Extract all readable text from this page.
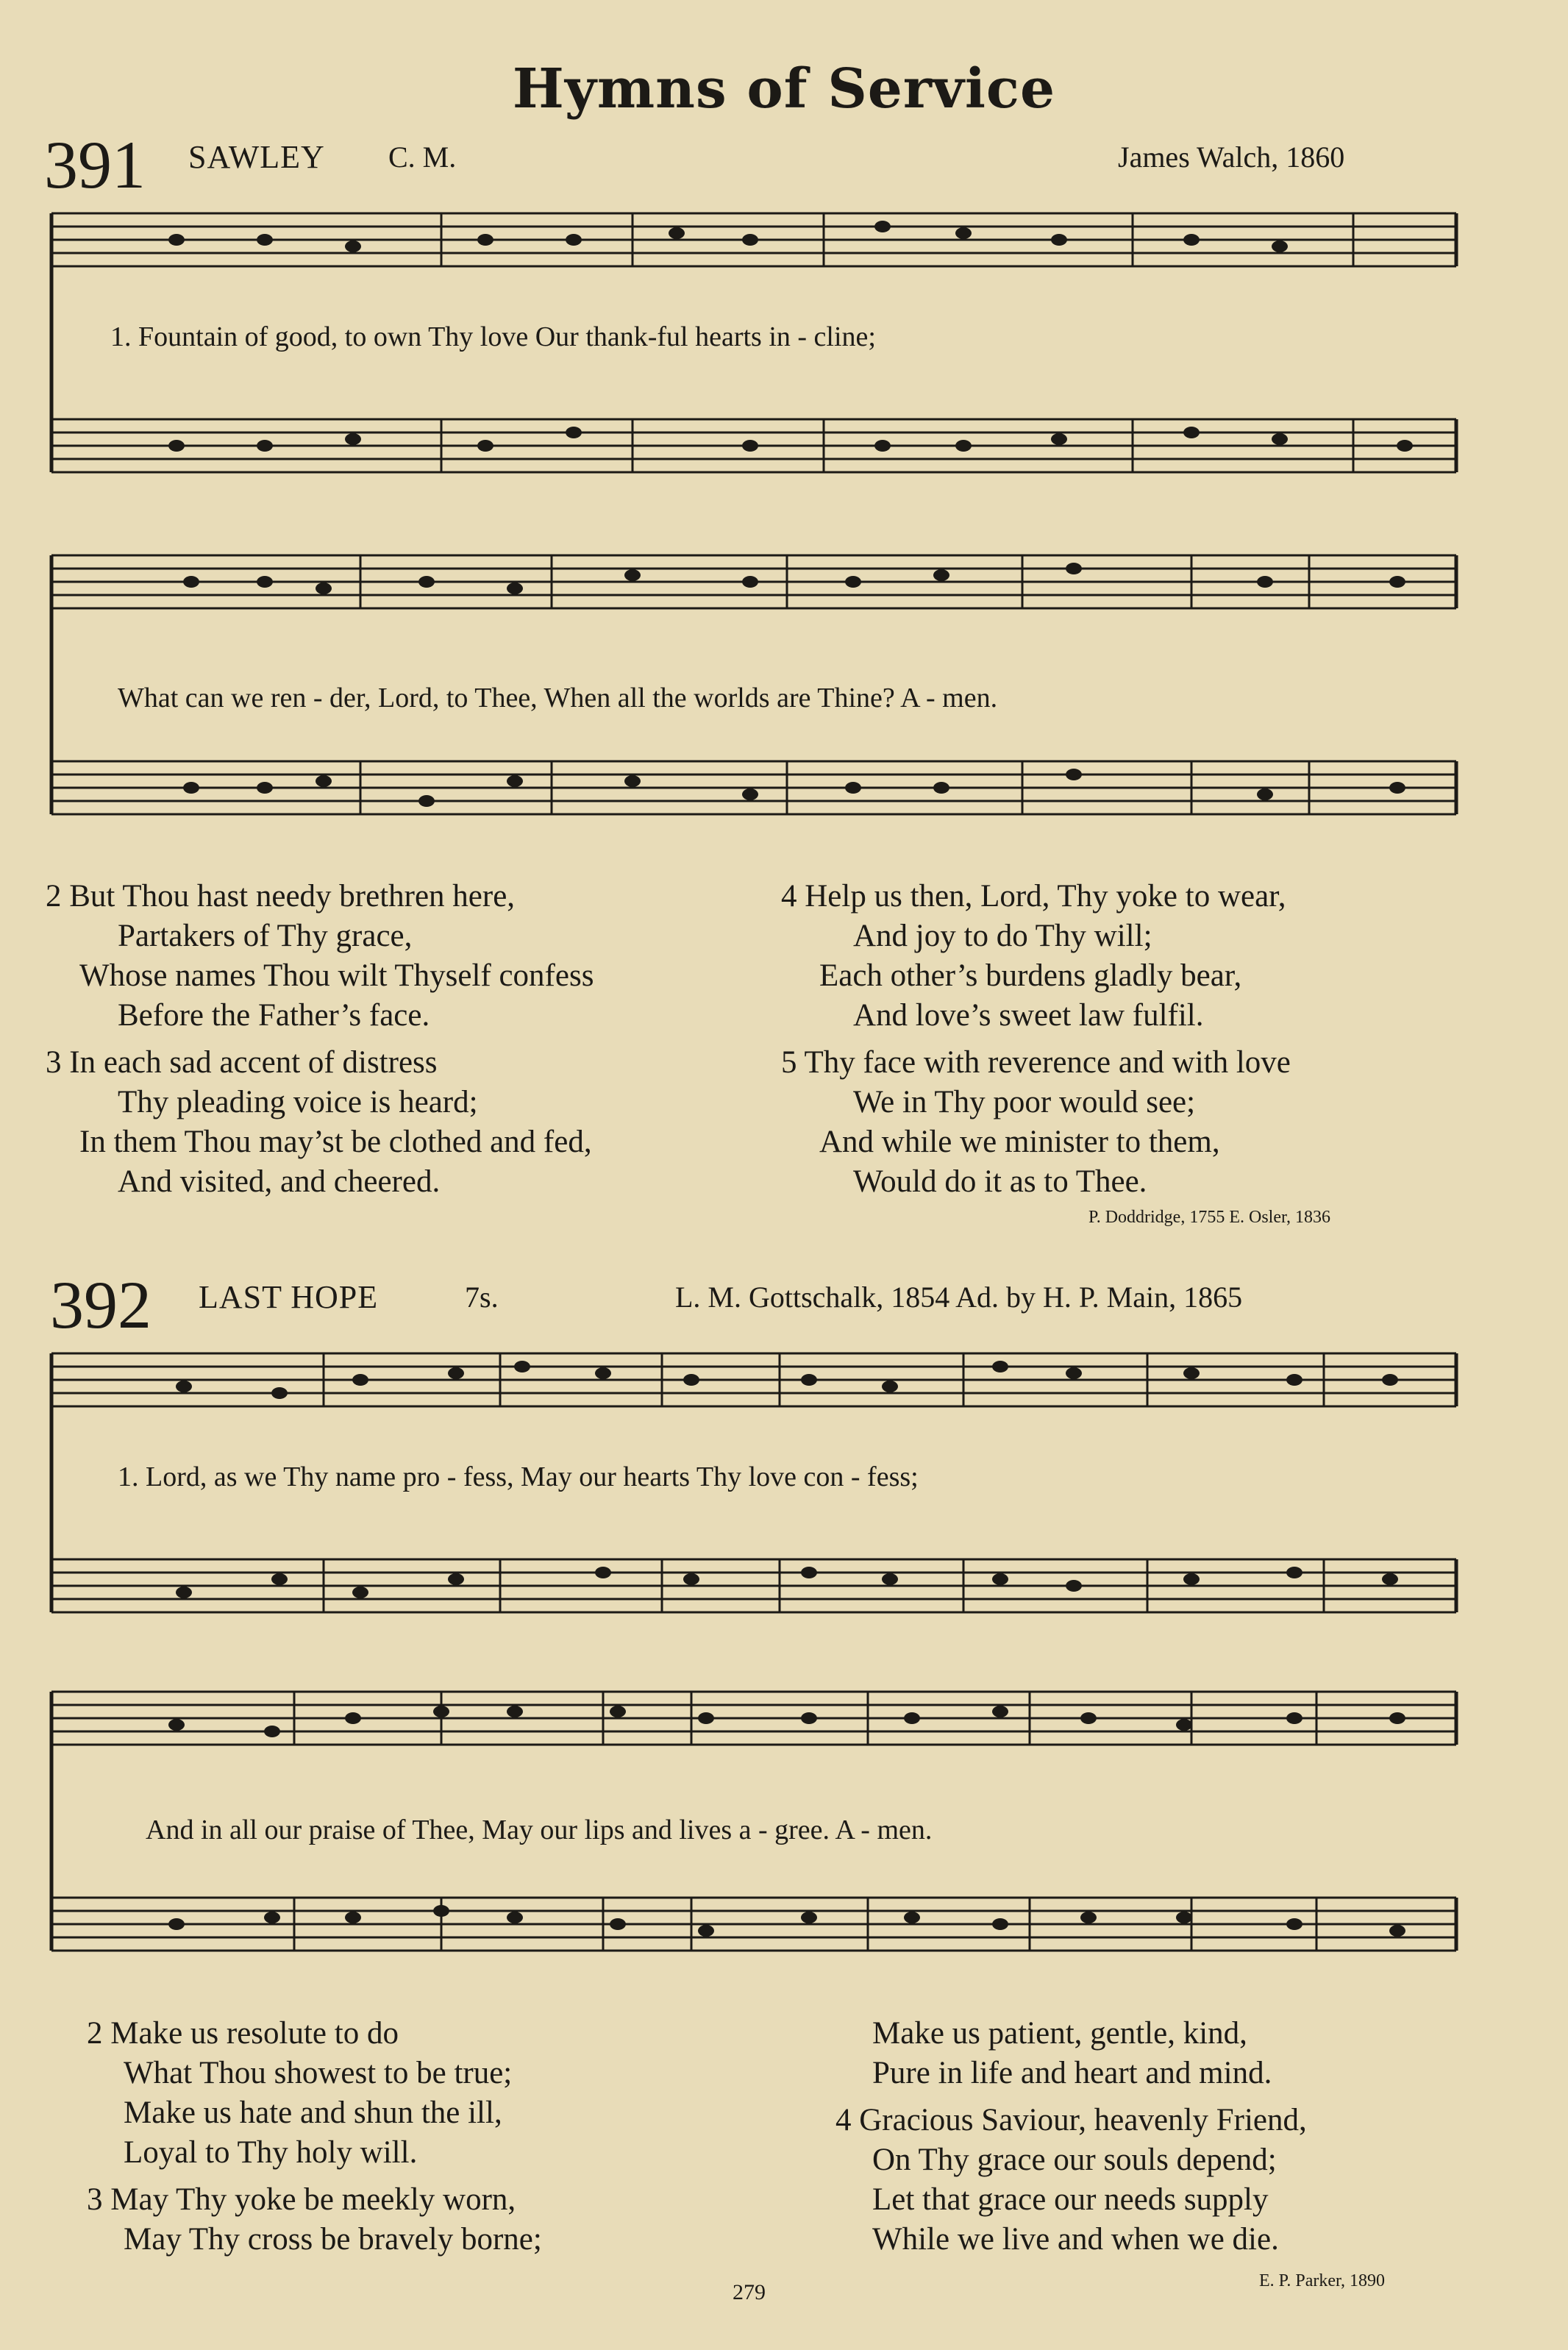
Hymns of Service
391 SAWLEY C. M.	James Walch, 1860
1. Fountain of good, to own Thy love Our thank-ful hearts in - cline;
What can we ren - der, Lord, to Thee, When all the worlds are Thine? A - men.

2 But Thou hast needy brethren here,

Partakers of Thy grace,

Whose names Thou wilt Thyself confess

Before the Father’s face.

3 In each sad accent of distress

Thy pleading voice is heard;

In them Thou may’st be clothed and fed,

And visited, and cheered.

4 Help us then, Lord, Thy yoke to wear,

And joy to do Thy will;

Each other’s burdens gladly bear,

And love’s sweet law fulfil.

5 Thy face with reverence and with love

We in Thy poor would see;

And while we minister to them,

Would do it as to Thee.

P. Doddridge, 1755 E. Osler, 1836
392 LAST HOPE	7s.	L. M. Gottschalk, 1854 Ad. by H. P. Main, 1865
1. Lord, as we Thy name pro - fess, May our hearts Thy love con - fess;
And in all our praise of Thee, May our lips and lives a - gree. A - men.

2 Make us resolute to do

What Thou showest to be true;

Make us hate and shun the ill,

Loyal to Thy holy will.

3 May Thy yoke be meekly worn,

May Thy cross be bravely borne;

Make us patient, gentle, kind,

Pure in life and heart and mind.

4 Gracious Saviour, heavenly Friend,

On Thy grace our souls depend;

Let that grace our needs supply

While we live and when we die.

279	E. P. Parker, 1890
